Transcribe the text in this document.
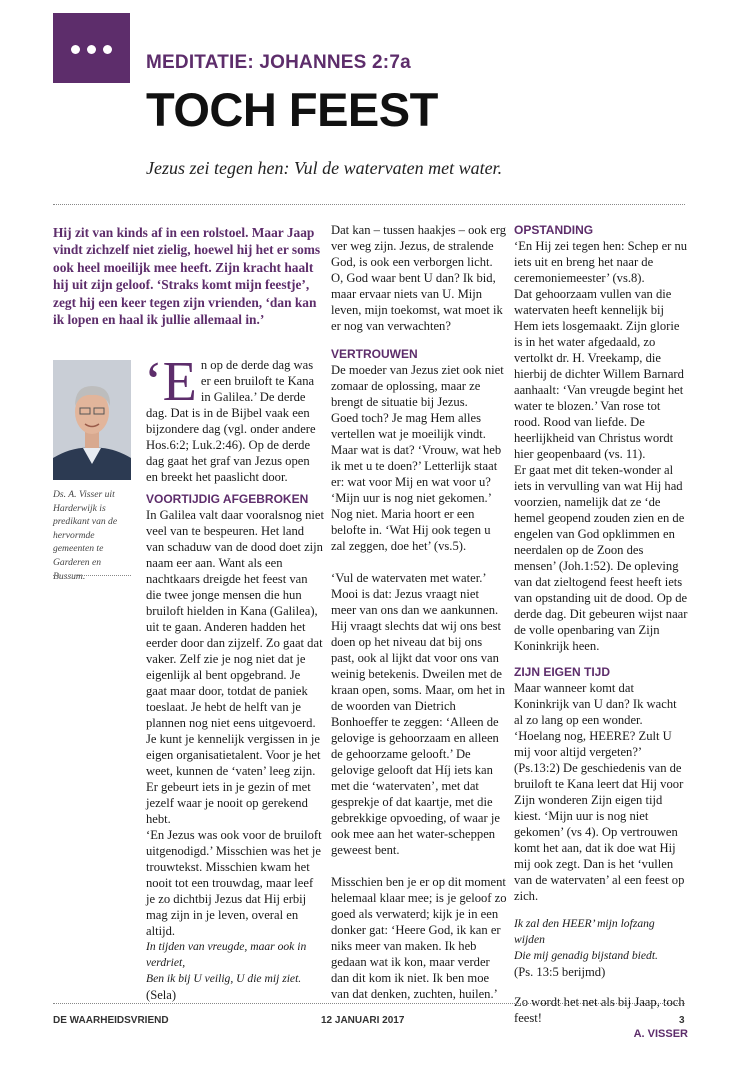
MEDITATIE: JOHANNES 2:7a
TOCH FEEST
Jezus zei tegen hen: Vul de watervaten met water.
Hij zit van kinds af in een rolstoel. Maar Jaap vindt zichzelf niet zielig, hoewel hij het er soms ook heel moeilijk mee heeft. Zijn kracht haalt hij uit zijn geloof. ‘Straks komt mijn feestje’, zegt hij een keer tegen zijn vrienden, ‘dan kan ik lopen en haal ik jullie allemaal in.’
Ds. A. Visser uit Harderwijk is predikant van de hervormde gemeenten te Garderen en Bussum.

‘En op de derde dag was er een bruiloft te Kana in Galilea.’ De derde dag. Dat is in de Bijbel vaak een bijzondere dag (vgl. onder andere Hos.6:2; Luk.2:46). Op de derde dag gaat het graf van Jezus open en breekt het paaslicht door.

VOORTIJDIG AFGEBROKEN

In Galilea valt daar vooralsnog niet veel van te bespeuren. Het land van schaduw van de dood doet zijn naam eer aan. Want als een nachtkaars dreigde het feest van die twee jonge mensen die hun bruiloft hielden in Kana (Galilea), uit te gaan. Anderen hadden het eerder door dan zijzelf. Zo gaat dat vaker. Zelf zie je nog niet dat je eigenlijk al bent opgebrand. Je gaat maar door, totdat de paniek toeslaat. Je hebt de helft van je plannen nog niet eens uitgevoerd. Je kunt je kennelijk vergissen in je eigen organisatietalent. Voor je het weet, kunnen de ‘vaten’ leeg zijn. Er gebeurt iets in je gezin of met jezelf waar je nooit op gerekend hebt.

‘En Jezus was ook voor de bruiloft uitgenodigd.’ Misschien was het je trouwtekst. Misschien kwam het nooit tot een trouwdag, maar leef je zo dichtbij Jezus dat Hij erbij mag zijn in je leven, overal en altijd.

In tijden van vreugde, maar ook in verdriet,

Ben ik bij U veilig, U die mij ziet.

(Sela)

Dat kan – tussen haakjes – ook erg ver weg zijn. Jezus, de stralende God, is ook een verborgen licht. O, God waar bent U dan? Ik bid, maar ervaar niets van U. Mijn leven, mijn toekomst, wat moet ik er nog van verwachten?

VERTROUWEN

De moeder van Jezus ziet ook niet zomaar de oplossing, maar ze brengt de situatie bij Jezus.

Goed toch? Je mag Hem alles vertellen wat je moeilijk vindt.

Maar wat is dat? ‘Vrouw, wat heb ik met u te doen?’ Letterlijk staat er: wat voor Mij en wat voor u? ‘Mijn uur is nog niet gekomen.’ Nog niet. Maria hoort er een belofte in. ‘Wat Hij ook tegen u zal zeggen, doe het’ (vs.5).

‘Vul de watervaten met water.’ Mooi is dat: Jezus vraagt niet meer van ons dan we aankunnen. Hij vraagt slechts dat wij ons best doen op het niveau dat bij ons past, ook al lijkt dat voor ons van weinig betekenis. Dweilen met de kraan open, soms. Maar, om het in de woorden van Dietrich Bonhoeffer te zeggen: ‘Alleen de gelovige is gehoorzaam en alleen de gehoorzame gelooft.’ De gelovige gelooft dat Híj iets kan met die ‘watervaten’, met dat gesprekje of dat kaartje, met die gebrekkige opvoeding, of waar je ook mee aan het water-scheppen geweest bent.

Misschien ben je er op dit moment helemaal klaar mee; is je geloof zo goed als verwaterd; kijk je in een donker gat: ‘Heere God, ik kan er niks meer van maken. Ik heb gedaan wat ik kon, maar verder dan dit kom ik niet. Ik ben moe van dat denken, zuchten, huilen.’

OPSTANDING

‘En Hij zei tegen hen: Schep er nu iets uit en breng het naar de ceremoniemeester’ (vs.8).

Dat gehoorzaam vullen van die watervaten heeft kennelijk bij Hem iets losgemaakt. Zijn glorie is in het water afgedaald, zo vertolkt dr. H. Vreekamp, die hierbij de dichter Willem Barnard aanhaalt: ‘Van vreugde begint het water te blozen.’ Van rose tot rood. Rood van liefde. De heerlijkheid van Christus wordt hier geopenbaard (vs. 11).

Er gaat met dit teken-wonder al iets in vervulling van wat Hij had voorzien, namelijk dat ze ‘de hemel geopend zouden zien en de engelen van God opklimmen en neerdalen op de Zoon des mensen’ (Joh.1:52). De opleving van dat zieltogend feest heeft iets van opstanding uit de dood. Op de derde dag. Dit gebeuren wijst naar de volle openbaring van Zijn Koninkrijk heen.

ZIJN EIGEN TIJD

Maar wanneer komt dat Koninkrijk van U dan? Ik wacht al zo lang op een wonder. ‘Hoelang nog, HEERE? Zult U mij voor altijd vergeten?’ (Ps.13:2) De geschiedenis van de bruiloft te Kana leert dat Hij voor Zijn wonderen Zijn eigen tijd kiest. ‘Mijn uur is nog niet gekomen’ (vs 4). Op vertrouwen komt het aan, dat ik doe wat Hij mij ook zegt. Dan is het ‘vullen van de watervaten’ al een feest op zich.

Ik zal den HEER’ mijn lofzang wijden

Die mij genadig bijstand biedt.

(Ps. 13:5 berijmd)

Zo wordt het net als bij Jaap, toch feest!

A. VISSER

DE WAARHEIDSVRIEND	12 JANUARI 2017	3
